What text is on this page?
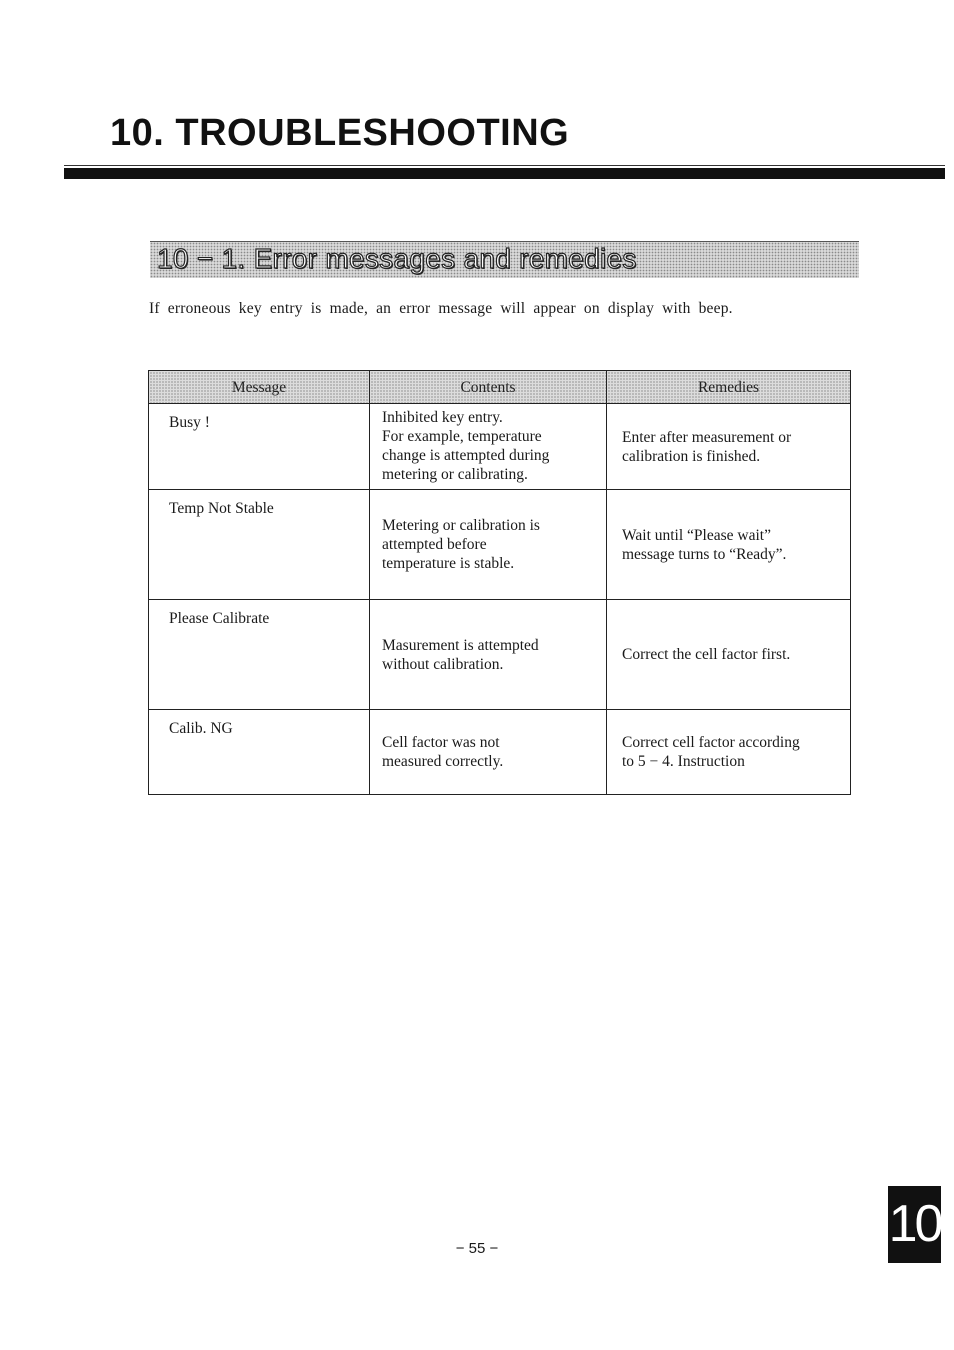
10. TROUBLESHOOTING
10 − 1. Error messages and remedies

If erroneous key entry is made, an error message will appear on display with beep.

Message	Contents	Remedies
Busy !	Inhibited key entry.
For example, temperature
change is attempted during
metering or calibrating.	Enter after measurement or
calibration is finished.
Temp Not Stable	Metering or calibration is
attempted before
temperature is stable.	Wait until “Please wait”
message turns to “Ready”.
Please Calibrate	Masurement is attempted
without calibration.	Correct the cell factor first.
Calib. NG	Cell factor was not
measured correctly.	Correct cell factor according
to 5 − 4. Instruction
− 55 −	10
